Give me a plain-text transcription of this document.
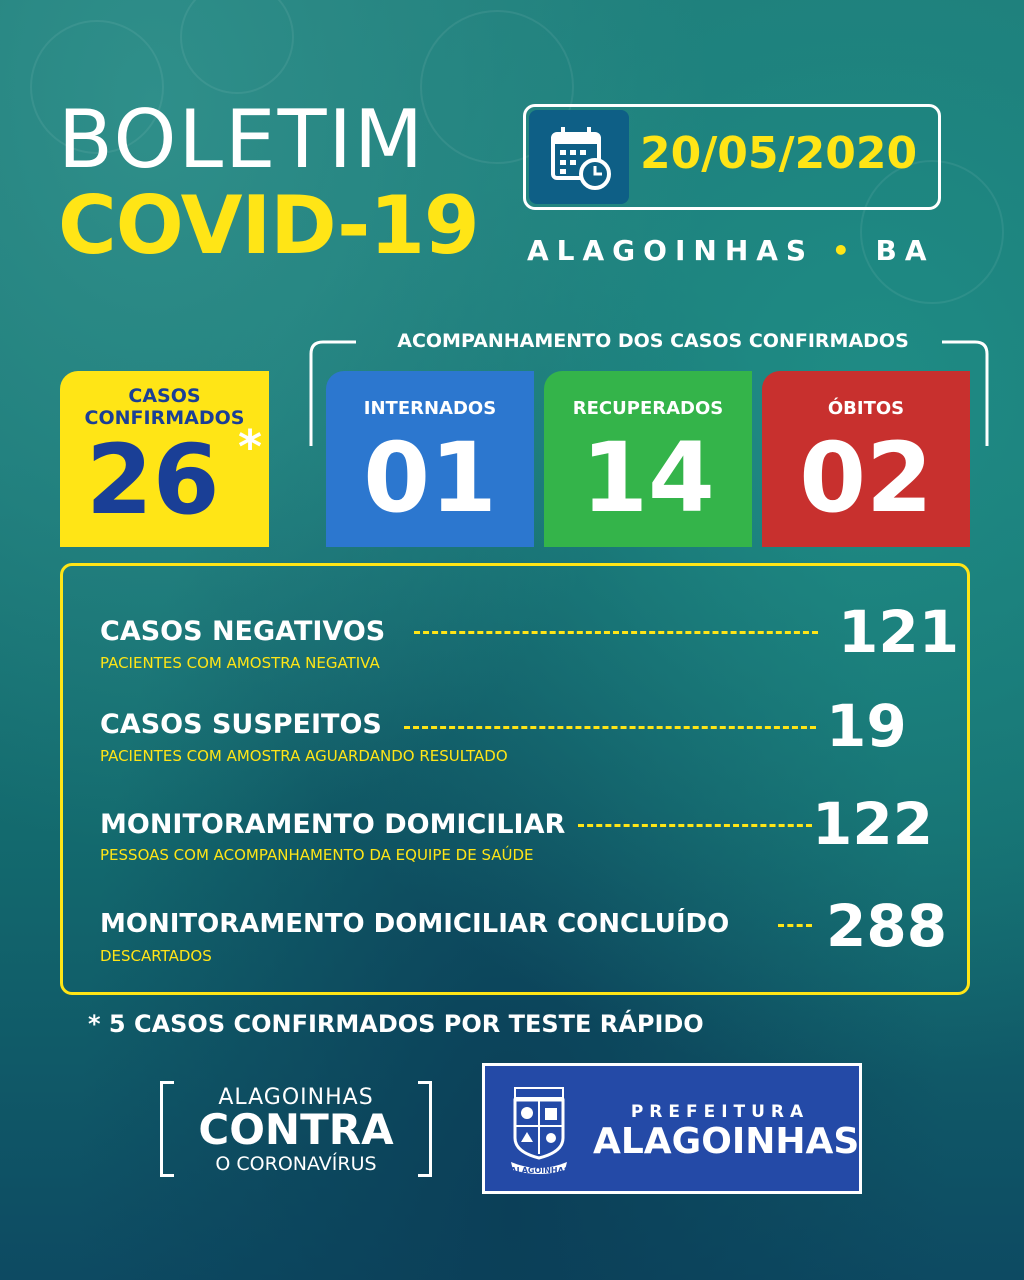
BOLETIM
COVID-19
20/05/2020
ALAGOINHAS • BA
CASOS
CONFIRMADOS
26 *
ACOMPANHAMENTO DOS CASOS CONFIRMADOS
INTERNADOS
01
RECUPERADOS
14
ÓBITOS
02
CASOS NEGATIVOS
PACIENTES COM AMOSTRA NEGATIVA	121
CASOS SUSPEITOS
PACIENTES COM AMOSTRA AGUARDANDO RESULTADO	19
MONITORAMENTO DOMICILIAR
PESSOAS COM ACOMPANHAMENTO DA EQUIPE DE SAÚDE	122
MONITORAMENTO DOMICILIAR CONCLUÍDO
DESCARTADOS	288
* 5 CASOS CONFIRMADOS POR TESTE RÁPIDO
ALAGOINHAS
CONTRA
O CORONAVÍRUS	ALAGOINHAS
PREFEITURA
ALAGOINHAS
